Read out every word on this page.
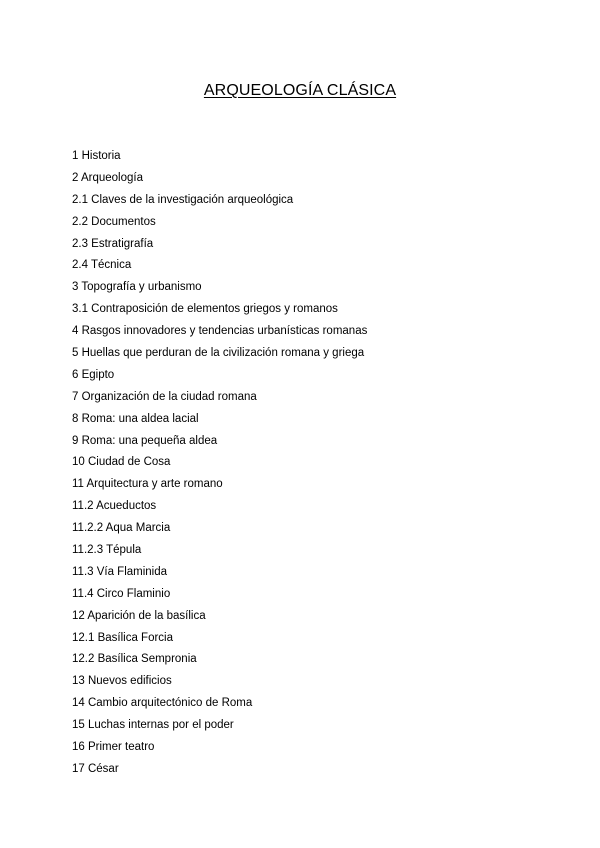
ARQUEOLOGÍA CLÁSICA
1 Historia
2 Arqueología
2.1 Claves de la investigación arqueológica
2.2 Documentos
2.3 Estratigrafía
2.4 Técnica
3 Topografía y urbanismo
3.1 Contraposición de elementos griegos y romanos
4 Rasgos innovadores y tendencias urbanísticas romanas
5 Huellas que perduran de la civilización romana y griega
6 Egipto
7 Organización de la ciudad romana
8 Roma: una aldea lacial
9 Roma: una pequeña aldea
10 Ciudad de Cosa
11 Arquitectura y arte romano
11.2 Acueductos
11.2.2 Aqua Marcia
11.2.3 Tépula
11.3 Vía Flaminida
11.4 Circo Flaminio
12 Aparición de la basílica
12.1 Basílica Forcia
12.2 Basílica Sempronia
13 Nuevos edificios
14 Cambio arquitectónico de Roma
15 Luchas internas por el poder
16 Primer teatro
17 César
